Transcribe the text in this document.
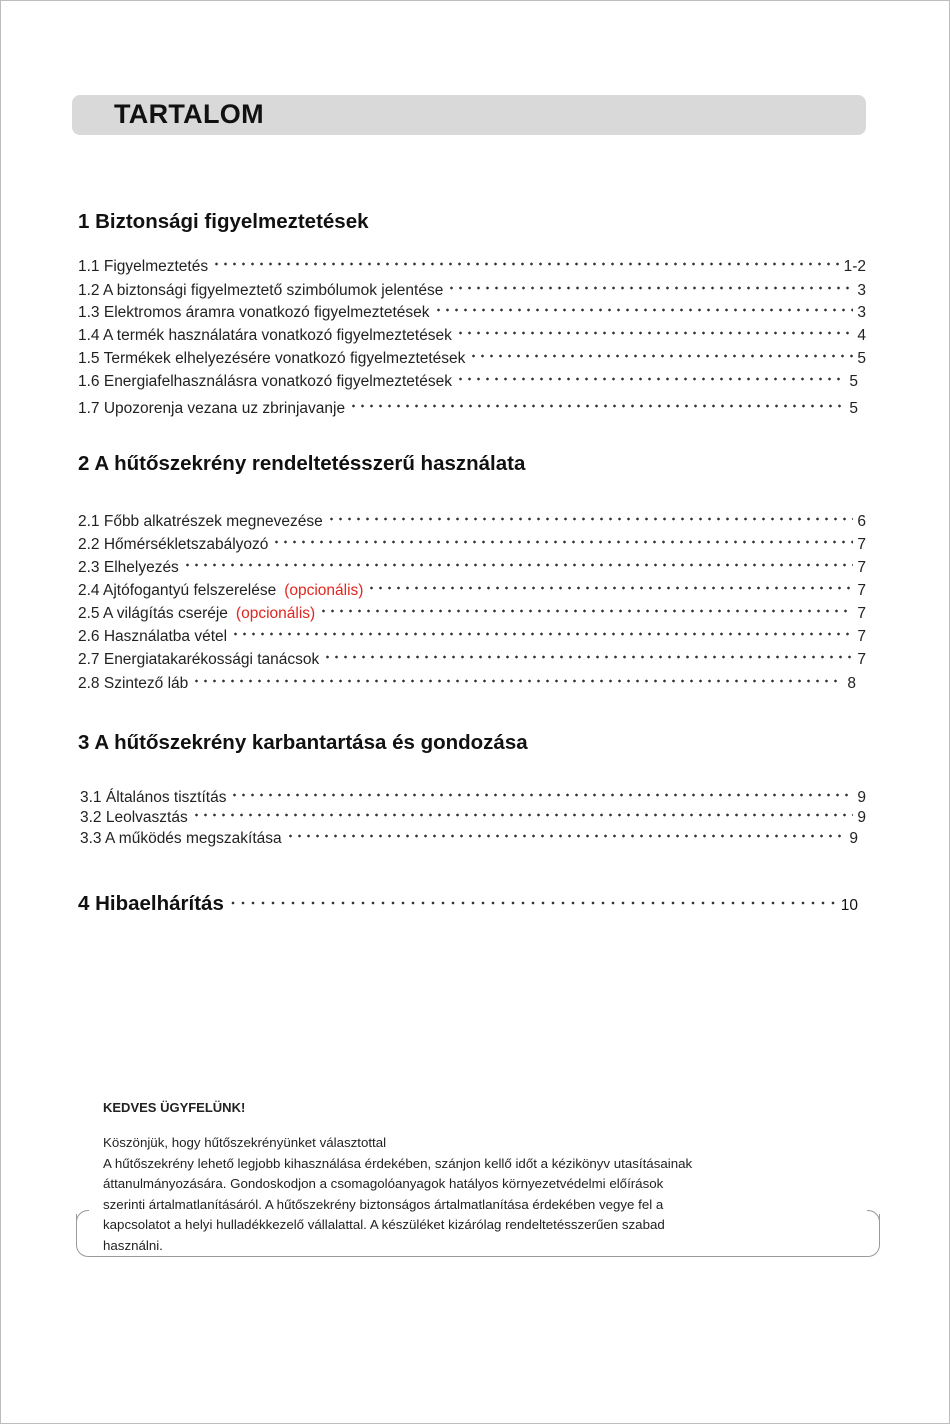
TARTALOM
1 Biztonsági figyelmeztetések
1.1 Figyelmeztetés	1-2
1.2 A biztonsági figyelmeztető szimbólumok jelentése	3
1.3 Elektromos áramra vonatkozó figyelmeztetések	3
1.4 A termék használatára vonatkozó figyelmeztetések	4
1.5 Termékek elhelyezésére vonatkozó figyelmeztetések	5
1.6 Energiafelhasználásra vonatkozó figyelmeztetések	5
1.7 Upozorenja vezana uz zbrinjavanje	5
2 A hűtőszekrény rendeltetésszerű használata
2.1 Főbb alkatrészek megnevezése	6
2.2 Hőmérsékletszabályozó	7
2.3 Elhelyezés	7
2.4 Ajtófogantyú felszerelése (opcionális)	7
2.5 A világítás cseréje (opcionális)	7
2.6 Használatba vétel	7
2.7 Energiatakarékossági tanácsok	7
2.8 Szintező láb	8
3 A hűtőszekrény karbantartása és gondozása
3.1 Általános tisztítás	9
3.2 Leolvasztás	9
3.3 A működés megszakítása	9
4 Hibaelhárítás	10
KEDVES ÜGYFELÜNK!

Köszönjük, hogy hűtőszekrényünket választottal

A hűtőszekrény lehető legjobb kihasználása érdekében, szánjon kellő időt a kézikönyv utasításainak

áttanulmányozására. Gondoskodjon a csomagolóanyagok hatályos környezetvédelmi előírások

szerinti ártalmatlanításáról. A hűtőszekrény biztonságos ártalmatlanítása érdekében vegye fel a

kapcsolatot a helyi hulladékkezelő vállalattal. A készüléket kizárólag rendeltetésszerűen szabad

használni.
